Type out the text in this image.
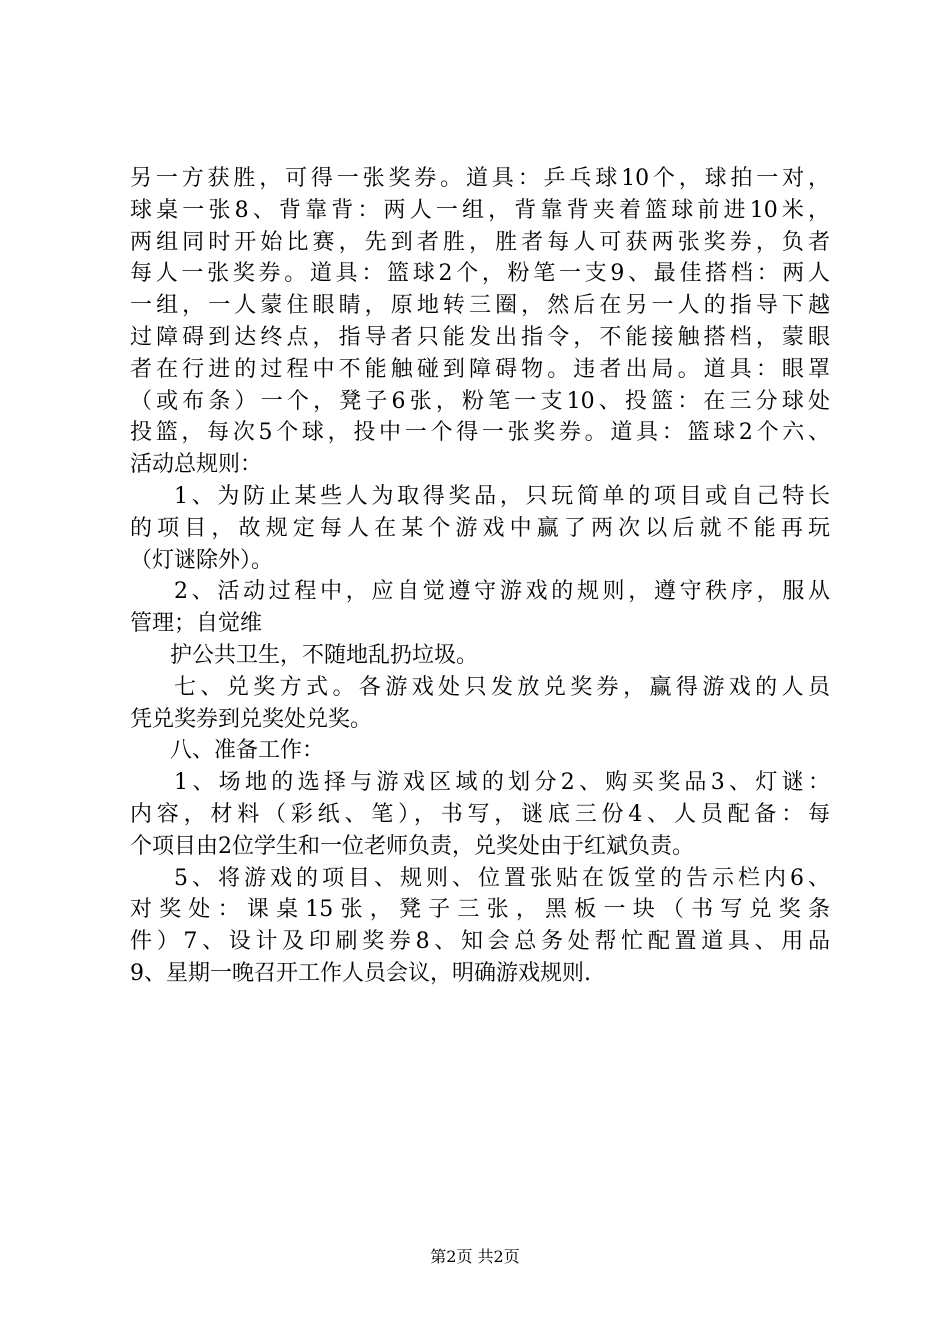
另一方获胜，可得一张奖券。道具：乒乓球10个，球拍一对，
球桌一张8、背靠背：两人一组，背靠背夹着篮球前进10米，
两组同时开始比赛，先到者胜，胜者每人可获两张奖券，负者
每人一张奖券。道具：篮球2个，粉笔一支9、最佳搭档：两人
一组，一人蒙住眼睛，原地转三圈，然后在另一人的指导下越
过障碍到达终点，指导者只能发出指令，不能接触搭档，蒙眼
者在行进的过程中不能触碰到障碍物。违者出局。道具：眼罩
（或布条）一个，凳子6张，粉笔一支10、投篮：在三分球处
投篮，每次5个球，投中一个得一张奖券。道具：篮球2个六、
活动总规则：
1、为防止某些人为取得奖品，只玩简单的项目或自己特长
的项目，故规定每人在某个游戏中赢了两次以后就不能再玩
（灯谜除外）。
2、活动过程中，应自觉遵守游戏的规则，遵守秩序，服从
管理；自觉维
护公共卫生，不随地乱扔垃圾。
七、兑奖方式。各游戏处只发放兑奖券，赢得游戏的人员
凭兑奖券到兑奖处兑奖。
八、准备工作：
1、场地的选择与游戏区域的划分2、购买奖品3、灯谜：
内容，材料（彩纸、笔），书写，谜底三份4、人员配备：每
个项目由2位学生和一位老师负责，兑奖处由于红斌负责。
5、将游戏的项目、规则、位置张贴在饭堂的告示栏内6、
对奖处：课桌15张，凳子三张，黑板一块（书写兑奖条
件）7、设计及印刷奖券8、知会总务处帮忙配置道具、用品
9、星期一晚召开工作人员会议，明确游戏规则.
第2页 共2页
